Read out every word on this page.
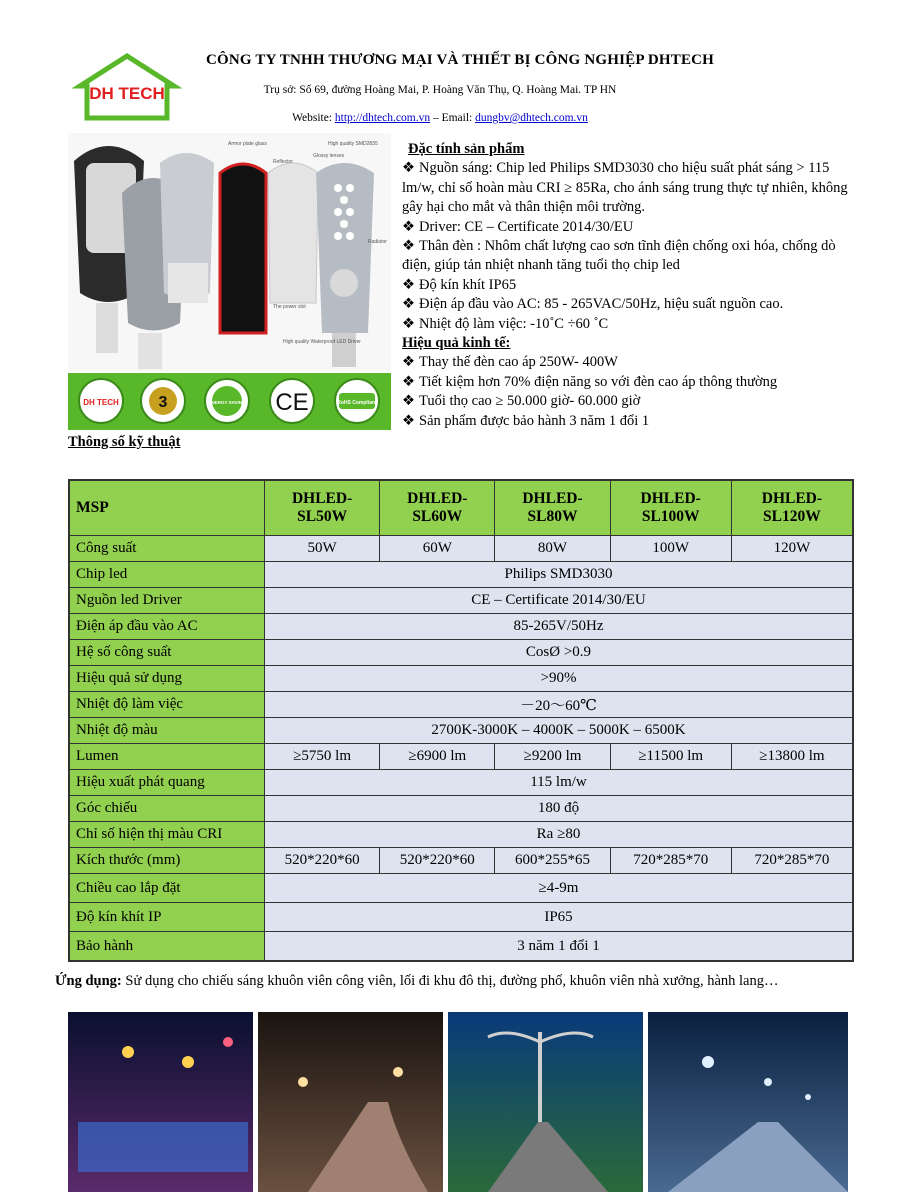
DH TECH
CÔNG TY TNHH THƯƠNG MẠI VÀ THIẾT BỊ CÔNG NGHIỆP DHTECH
Trụ sở: Số 69, đường Hoàng Mai, P. Hoàng Văn Thụ, Q. Hoàng Mai. TP HN
Website: http://dhtech.com.vn – Email: dungbv@dhtech.com.vn
Armor plate glass	High quality SMD2835
Reflector
Glossy lenses
Radiator
The power slot
High quality Waterproof LED Driver
DH TECH 3	ENERGY SAVING CE	RoHS Compliant
Đặc tính sản phẩm
❖ Nguồn sáng: Chip led Philips SMD3030 cho hiệu suất phát sáng > 115 lm/w, chỉ số hoàn màu CRI ≥ 85Ra, cho ánh sáng trung thực tự nhiên, không gây hại cho mắt và thân thiện môi trường.
❖ Driver: CE – Certificate 2014/30/EU
❖ Thân đèn : Nhôm chất lượng cao sơn tĩnh điện chống oxi hóa, chống dò điện, giúp tản nhiệt nhanh tăng tuổi thọ chip led
❖ Độ kín khít IP65
❖ Điện áp đầu vào AC: 85 - 265VAC/50Hz, hiệu suất nguồn cao.
❖ Nhiệt độ làm việc: -10˚C ÷60 ˚C
Hiệu quả kinh tế:
❖ Thay thế đèn cao áp 250W- 400W
❖ Tiết kiệm hơn 70% điện năng so với đèn cao áp thông thường
❖ Tuổi thọ cao ≥ 50.000 giờ- 60.000 giờ
❖ Sản phẩm được bảo hành 3 năm 1 đổi 1
Thông số kỹ thuật
MSP	DHLED-SL50W	DHLED-SL60W	DHLED-SL80W	DHLED-SL100W	DHLED-SL120W
Công suất	50W	60W	80W	100W	120W
Chip led	Philips SMD3030				
Nguồn led Driver	CE – Certificate 2014/30/EU				
Điện áp đầu vào AC	85-265V/50Hz				
Hệ số công suất	CosØ >0.9				
Hiệu quả sử dụng	>90%				
Nhiệt độ làm việc	－20～60℃				
Nhiệt độ màu	2700K-3000K – 4000K – 5000K – 6500K				
Lumen	≥5750 lm	≥6900 lm	≥9200 lm	≥11500 lm	≥13800 lm
Hiệu xuất phát quang	115 lm/w				
Góc chiếu	180 độ				
Chỉ số hiện thị màu CRI	Ra ≥80				
Kích thước (mm)	520*220*60	520*220*60	600*255*65	720*285*70	720*285*70
Chiều cao lắp đặt	≥4-9m				
Độ kín khít IP	IP65				
Bảo hành	3 năm 1 đổi 1				
Ứng dụng: Sử dụng cho chiếu sáng khuôn viên công viên, lối đi khu đô thị, đường phố, khuôn viên nhà xưởng, hành lang…
